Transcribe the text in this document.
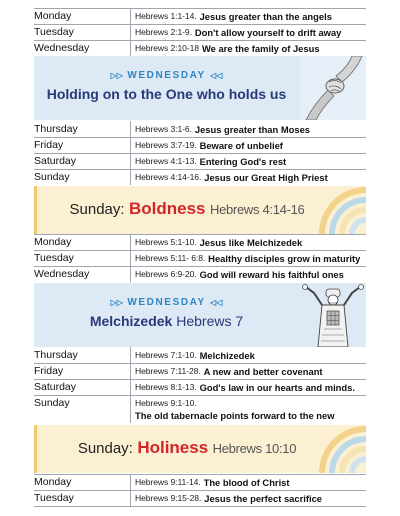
Monday	Hebrews 1:1-14. Jesus greater than the angels
Tuesday	Hebrews 2:1-9. Don't allow yourself to drift away
Wednesday	Hebrews 2:10-18 We are the family of Jesus
▷▷ WEDNESDAY ◁◁
Holding on to the One who holds us
Thursday	Hebrews 3:1-6. Jesus greater than Moses
Friday	Hebrews 3:7-19. Beware of unbelief
Saturday	Hebrews 4:1-13. Entering God's rest
Sunday	Hebrews 4:14-16. Jesus our Great High Priest
Sunday: Boldness Hebrews 4:14-16
Monday	Hebrews 5:1-10. Jesus like Melchizedek
Tuesday	Hebrews 5:11- 6:8. Healthy disciples grow in maturity
Wednesday	Hebrews 6:9-20. God will reward his faithful ones
▷▷ WEDNESDAY ◁◁
Melchizedek Hebrews 7
Thursday	Hebrews 7:1-10. Melchizedek
Friday	Hebrews 7:11-28. A new and better covenant
Saturday	Hebrews 8:1-13. God's law in our hearts and minds.
Sunday	Hebrews 9:1-10.
The old tabernacle points forward to the new
Sunday: Holiness Hebrews 10:10
Monday	Hebrews 9:11-14. The blood of Christ
Tuesday	Hebrews 9:15-28. Jesus the perfect sacrifice
